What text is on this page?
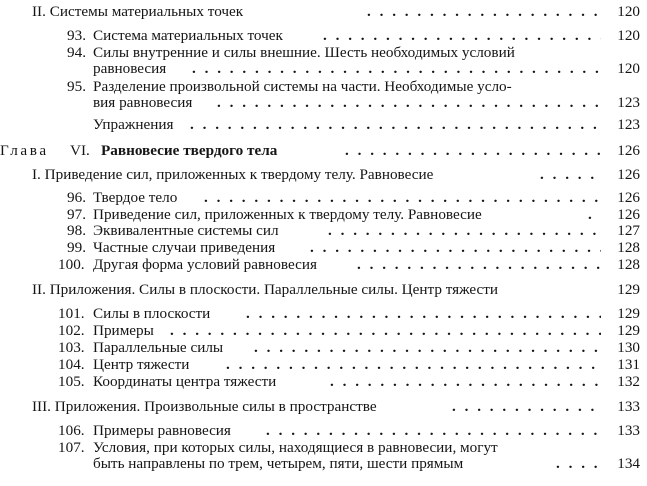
II. Системы материальных точек . . .	120
93. Система материальных точек . . .	120
94. Силы внутренние и силы внешние. Шесть необходимых условий
равновесия . . .	120
95. Разделение произвольной системы на части. Необходимые усло-
вия равновесия . . .	123
Упражнения . . .	123
Глава VI. Равновесие твердого тела . . .	126
I. Приведение сил, приложенных к твердому телу. Равновесие . . .	126
96. Твердое тело . . .	126
97. Приведение сил, приложенных к твердому телу. Равновесие . . .	126
98. Эквивалентные системы сил . . .	127
99. Частные случаи приведения . . .	128
100. Другая форма условий равновесия . . .	128
II. Приложения. Силы в плоскости. Параллельные силы. Центр тяжести	129
101. Силы в плоскости . . .	129
102. Примеры . . .	129
103. Параллельные силы . . .	130
104. Центр тяжести . . .	131
105. Координаты центра тяжести . . .	132
III. Приложения. Произвольные силы в пространстве . . .	133
106. Примеры равновесия . . .	133
107. Условия, при которых силы, находящиеся в равновесии, могут
быть направлены по трем, четырем, пяти, шести прямым . . .	134
